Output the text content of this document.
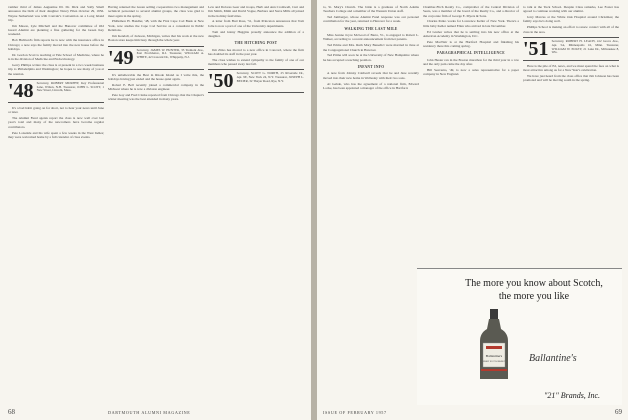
vember third of James Augustine III. Dr. Dick and Sally Small announce the birth of their daughter Nancy Ellen October 29, 1956. Wayne Sutherland was with Convair's Convention on a Long Island trip.

Jim Mason, Lyle Mitchell and the Hanover committee of Old Guard Alumni are plenning a fine gathering for the Green Key weekend.

Bob Hubbard's firm reports he is now with the insurance office in Chicago; a note says the family moved into the new house before the holidays.

Dr. Gordon Scott is teaching at Yale School of Medicine, where he is in the division of Medicine and Endocrinology.

Gerry Phillips writes: the class is at present in a two week business trip to Philadelphia and Washington; he hopes to see many of you at the reunion.

'48 Secretary, ROBERT MURPHY, Key Professional Lane, Wilton, N.H. Treasurer, JOHN L. SCOTT, 1 New Street, Lincoln, Mass.

It's a bad habit going on for short, not to hear your news until June or later.

The Alumni Fund agents report the class is now well over last year's total and many of the newcomers have become regular contributors.

Pete Lonsdale and his wife spent a few weeks in the West Indies; they were welcomed home by a full calendar of class events.

Having returned the Green selling cooperatives two management and technical personnel to several alumni groups, the class was glad to meet again in the spring.

Phillemon H. Handler, '48, with the First Cape Cod Bank at New York, now studies the Cape Cod Service as a consultant in Public Relations.

Jim Kendall, of Jackson, Michigan, writes that his work at the new Boston store keeps him busy through the whole year.

'49 Secretary, JAMES W. HUNTER, 33 Tremont Ave., East Providence, R.I. Treasurer, WILLIAM A. WHITE, 42 Crescent Dr., Whippany, N.J.

It's unbelievable the Best in Rhode Island as I write this, the holidays having just ended and the house quiet again.

Robert E. Bell recently joined a commercial company in the Midwest where he is now a division engineer.

Pete Gay and Fred Clarke reported from Chicago that the Chapter's winter meeting was the best attended in many years.

Lew and Dolores Geer and troops, Herb and Ann Cromwell, Curt and Jim Smith, Mimi and David Vogue, Barbara and Steve Mills all joined in the holiday festivities.

A letter from Bud Ross, '51, from Princeton announces that Tom Jolie is now a part of one of the University departments.

Tom and Ginny Huggins proudly announce the addition of a daughter.

THE HITCHING POST

Jim Zitko has moved to a new office in Concord, where the firm has doubled its staff in the past year.

The class wishes to extend sympathy to the family of one of our members who passed away last fall.

'50 Secretary, SCOTT G. NORTH, 25 Riverside Dr., Apt. 9E, New York 24, N.Y. Treasurer, JOSEPH L. BEZIER, 32 Thayer Road, Rye, N.Y.
68	DARTMOUTH ALUMNI MAGAZINE

to, St. Mary's Church. The bride is a graduate of North Adams Teachers College and a member of the Western Union staff.

Ted Jamberger, whose Alumni Fund response was our personal contribution for the year, returned to Hanover for a week.

WALKING THE LAST MILE

Miss Jeanne Joyce McLeod of Barre, Vt., is engaged to Robert L. Walker, according to a recent announcement from her parents.

Ted Prime and Mrs. Ruth Mary Benedict were married in June at the Congregational Church in Hanover.

Ted Prime will soon be at the University of New Hampshire where he has accepted a teaching position.

INFANT INFO

A note from Johnny Caldwell reveals that he and Jane recently moved into their new home in Wellesley with their two sons.

Al Gehde, who has the agreement of a national firm, Edward Locke, has been appointed a manager of the office in Hartford.

Chamber-Fitch Realty Co., comptroller of the Central Division of Sears, was a member of the board of the Realty Co., and a director of the corporate firm of George E. Myers & Sons.

Charles Peiko works for Lawrence Keller of New York. There's a little baby Keller named Ellen who arrived in late November.

Ed Gruber writes that he is settling into his new office at the American Academy in Washington, D.C.

Pete MacNair is at the Hartford Hospital and finishing his residency there this coming spring.

PARAGRAPHICAL INTELLIGENCE

John Hester ran in the Boston marathon for the third year in a row and the only pain came the day after.

Bill Seaverns, '49, is now a sales representative for a paper company in New England.

to talk at the Tuck School. Despite Class remarks, Lee Foster has agreed to continue working with our alumni.

Jerry Marcus at the White Oak Hospital around Christmas; the family says he's doing well.

Phillips School is making an effort to renew contact with all of the class in the area.

'51 Secretary, ROBERT H. LEACH, 412 Grove Ave., Apt. 5A, Minneapolis 16, Minn. Treasurer, WILLIAM W. POLEY, 21 Lake Dr., Milwaukee 8, Wis.

Here is the pile of Ed, news, and we must spend the fees on what is most attractive among us for a New Year's celebration.

We have just heard from the class office that Jim Johnson has been promoted and will be moving south in the spring.

The more you know about Scotch, the more you like
Ballantine's
FINEST SCOTCH WHISKY Ballantine's
"21" Brands, Inc.
ISSUE OF FEBRUARY 1957	69
